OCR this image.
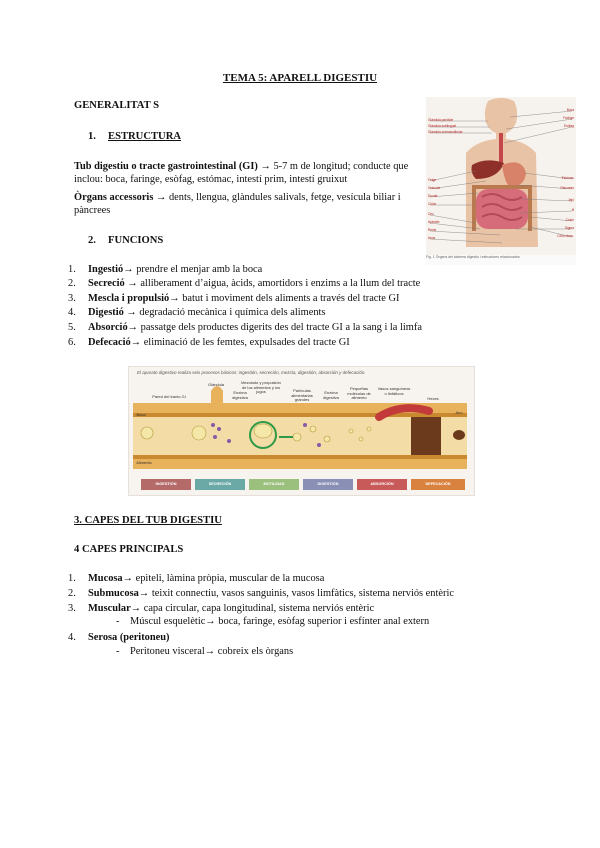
TEMA 5: APARELL DIGESTIU
GENERALITAT S
1. ESTRUCTURA
Tub digestiu o tracte gastrointestinal (GI) → 5-7 m de longitud; conducte que inclou: boca, faringe, esòfag, estómac, intestí prim, intestí gruixut
Òrgans accessoris → dents, llengua, glàndules salivals, fetge, vesícula biliar i pàncrees
Glàndula paròtide
Glàndula sublingual
Glàndula submandibular
Fetge
Vesícula
Duodè
Còlon
Cec
Apèndix
Recte
Anus
Boca
Faringe
Esòfag
Estómac
Pàncrees
Jejú
Ili
Còlon
Sigma
Còlon desc.
Fig. 1 Òrgans del sistema digestiu i estructures relacionades
2. FUNCIONS
1. Ingestió→ prendre el menjar amb la boca
2. Secreció → alliberament d’aigua, àcids, amortidors i enzims a la llum del tracte
3. Mescla i propulsió→ batut i moviment dels aliments a través del tracte GI
4. Digestió → degradació mecànica i química dels aliments
5. Absorció→ passatge dels productes digerits des del tracte GI a la sang i la limfa
6. Defecació→ eliminació de les femtes, expulsades del tracte GI
El aparato digestivo realiza seis procesos básicos: ingestión, secreción, mezcla, digestión, absorción y defecación.
Boca
Pared del tracto GI
Glándula
Enzima digestiva
Mezclado y propulsión de los alimentos y los jugos	Partículas alimentarias grandes
Enzima digestiva
Pequeñas moléculas de alimento
Vasos sanguíneos o linfáticos
Heces
Ano
Alimento
INGESTIÓN	SECRECIÓN	MOTILIDAD	DIGESTIÓN	ABSORCIÓN	DEFECACIÓN
3. CAPES DEL TUB DIGESTIU
4 CAPES PRINCIPALS
1. Mucosa→ epiteli, làmina pròpia, muscular de la mucosa
2. Submucosa→ teixit connectiu, vasos sanguinis, vasos limfàtics, sistema nerviós entèric
3. Muscular→ capa circular, capa longitudinal, sistema nerviós entèric
- Múscul esquelètic→ boca, faringe, esòfag superior i esfínter anal extern
4. Serosa (peritoneu)
- Peritoneu visceral→ cobreix els òrgans
